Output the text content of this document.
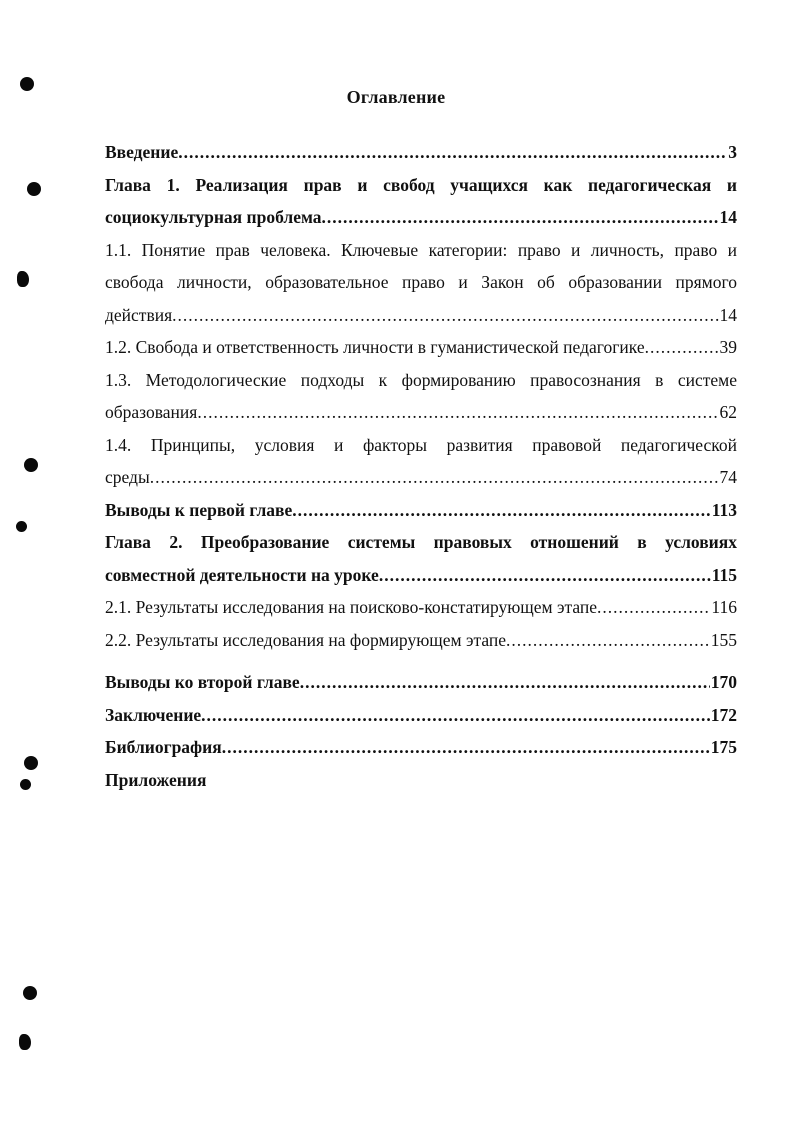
Оглавление
Введение .....	3
Глава 1. Реализация прав и свобод учащихся как педагогическая и
социокультурная проблема .....	14
1.1. Понятие прав человека. Ключевые категории: право и личность, право и
свобода личности, образовательное право и Закон об образовании прямого
действия .....	14
1.2. Свобода и ответственность личности в гуманистической педагогике .....	39
1.3. Методологические подходы к формированию правосознания в системе
образования .....	62
1.4. Принципы, условия и факторы развития правовой педагогической
среды .....	74
Выводы к первой главе .....	113
Глава 2. Преобразование системы правовых отношений в условиях
совместной деятельности на уроке .....	115
2.1. Результаты исследования на поисково-констатирующем этапе .....	116
2.2. Результаты исследования на формирующем этапе .....	155
Выводы ко второй главе .....	170
Заключение .....	172
Библиография .....	175
Приложения
